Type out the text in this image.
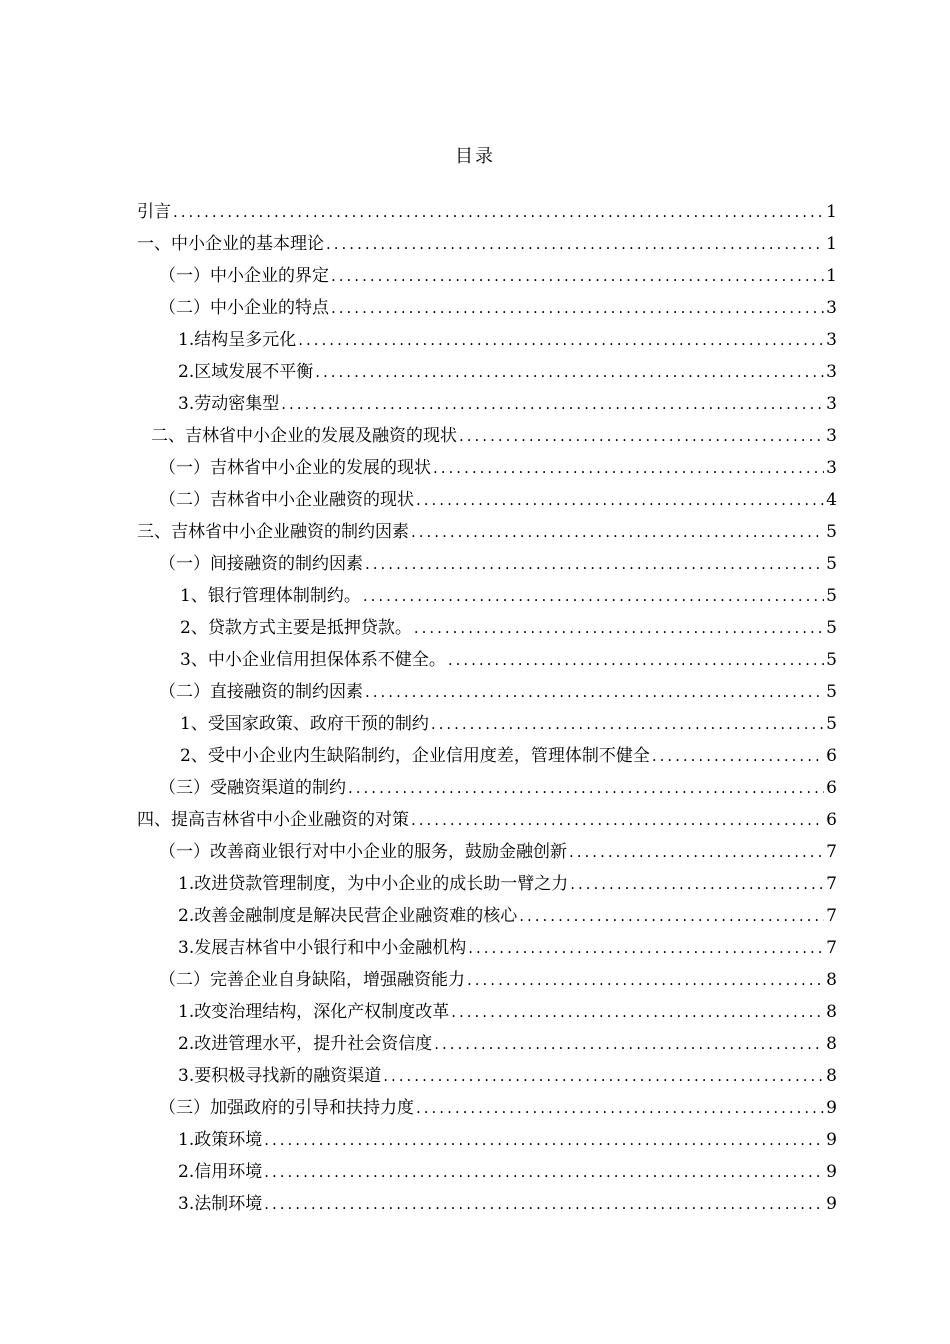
目录
引言 .....	1
一、中小企业的基本理论 .....	1
（一）中小企业的界定 .....	1
（二）中小企业的特点 .....	3
1.结构呈多元化 .....	3
2.区域发展不平衡 .....	3
3.劳动密集型 .....	3
二、吉林省中小企业的发展及融资的现状 .....	3
（一）吉林省中小企业的发展的现状 .....	3
（二）吉林省中小企业融资的现状 .....	4
三、吉林省中小企业融资的制约因素 .....	5
（一）间接融资的制约因素 .....	5
1、银行管理体制制约。 .....	5
2、贷款方式主要是抵押贷款。 .....	5
3、中小企业信用担保体系不健全。 .....	5
（二）直接融资的制约因素 .....	5
1、受国家政策、政府干预的制约 .....	5
2、受中小企业内生缺陷制约，企业信用度差，管理体制不健全 .....	6
（三）受融资渠道的制约 .....	6
四、提高吉林省中小企业融资的对策 .....	6
（一）改善商业银行对中小企业的服务，鼓励金融创新 .....	7
1.改进贷款管理制度，为中小企业的成长助一臂之力 .....	7
2.改善金融制度是解决民营企业融资难的核心 .....	7
3.发展吉林省中小银行和中小金融机构 .....	7
（二）完善企业自身缺陷，增强融资能力 .....	8
1.改变治理结构，深化产权制度改革 .....	8
2.改进管理水平，提升社会资信度 .....	8
3.要积极寻找新的融资渠道 .....	8
（三）加强政府的引导和扶持力度 .....	9
1.政策环境 .....	9
2.信用环境 .....	9
3.法制环境 .....	9
